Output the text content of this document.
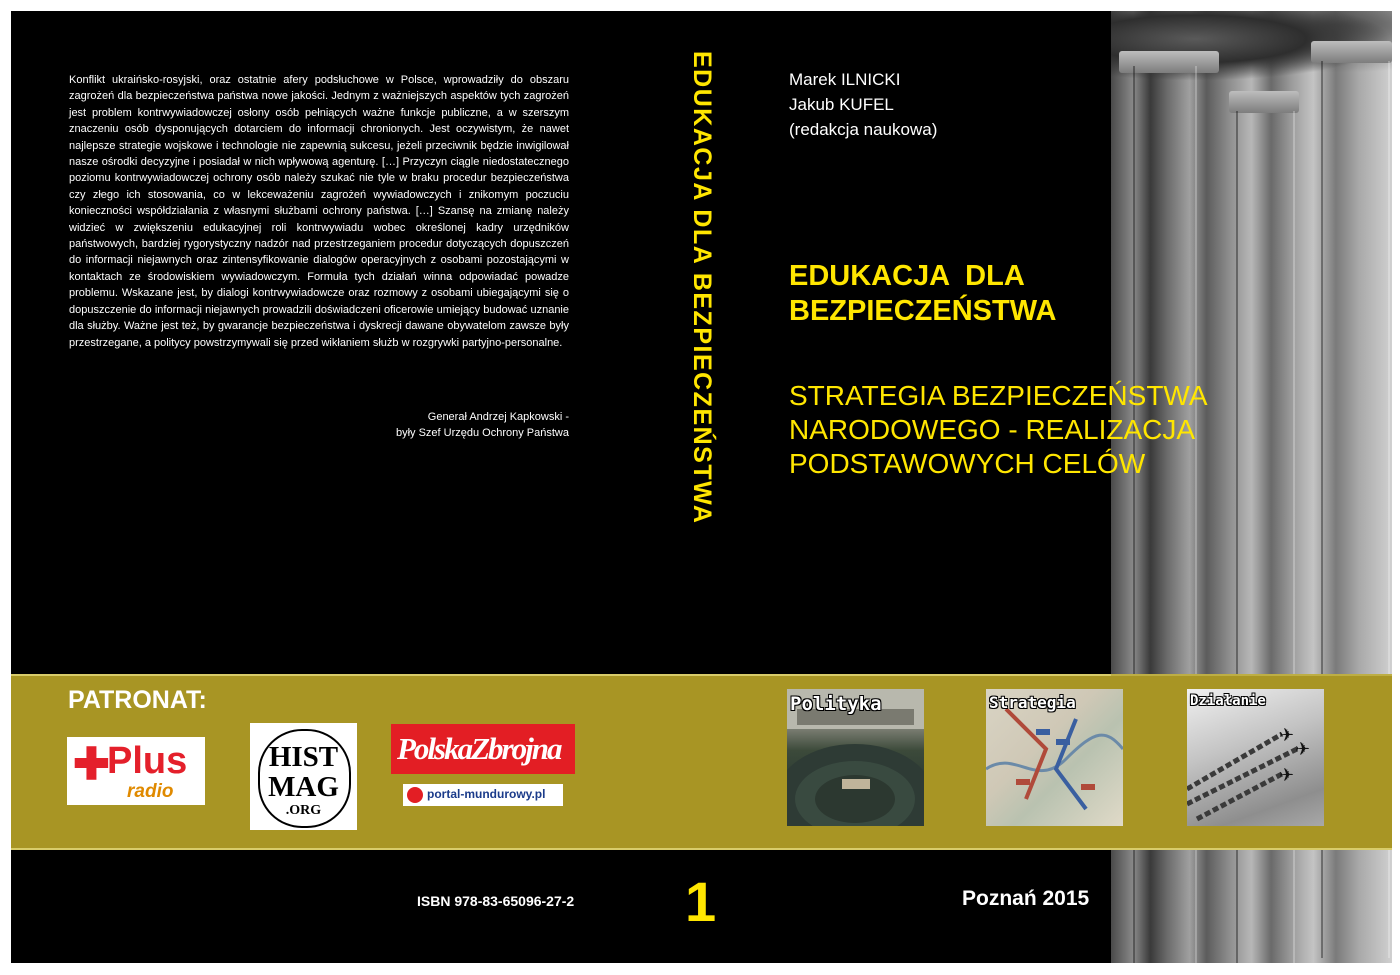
Konflikt ukraińsko-rosyjski, oraz ostatnie afery podsłuchowe w Polsce, wprowadziły do obszaru zagrożeń dla bezpieczeństwa państwa nowe jakości. Jednym z ważniejszych aspektów tych zagrożeń jest problem kontrwywiadowczej osłony osób pełniących ważne funkcje publiczne, a w szerszym znaczeniu osób dysponujących dotarciem do informacji chronionych. Jest oczywistym, że nawet najlepsze strategie wojskowe i technologie nie zapewnią sukcesu, jeżeli przeciwnik będzie inwigilował nasze ośrodki decyzyjne i posiadał w nich wpływową agenturę. […] Przyczyn ciągle niedostatecznego poziomu kontrwywiadowczej ochrony osób należy szukać nie tyle w braku procedur bezpieczeństwa czy złego ich stosowania, co w lekceważeniu zagrożeń wywiadowczych i znikomym poczuciu konieczności współdziałania z własnymi służbami ochrony państwa. […] Szansę na zmianę należy widzieć w zwiększeniu edukacyjnej roli kontrwywiadu wobec określonej kadry urzędników państwowych, bardziej rygorystyczny nadzór nad przestrzeganiem procedur dotyczących dopuszczeń do informacji niejawnych oraz zintensyfikowanie dialogów operacyjnych z osobami pozostającymi w kontaktach ze środowiskiem wywiadowczym. Formuła tych działań winna odpowiadać powadze problemu. Wskazane jest, by dialogi kontrwywiadowcze oraz rozmowy z osobami ubiegającymi się o dopuszczenie do informacji niejawnych prowadzili doświadczeni oficerowie umiejący budować uznanie dla służby. Ważne jest też, by gwarancje bezpieczeństwa i dyskrecji dawane obywatelom zawsze były przestrzegane, a politycy powstrzymywali się przed wikłaniem służb w rozgrywki partyjno-personalne.
Generał Andrzej Kapkowski -
były Szef Urzędu Ochrony Państwa	EDUKACJA DLA BEZPIECZEŃSTWA	Marek ILNICKI
Jakub KUFEL
(redakcja naukowa)
EDUKACJA  DLA
BEZPIECZEŃSTWA
STRATEGIA BEZPIECZEŃSTWA
NARODOWEGO - REALIZACJA
PODSTAWOWYCH CELÓW
PATRONAT:
✚
Plus
radio
HIST
MAG
.ORG
PolskaZbrojna
portal-mundurowy.pl
Polityka	Strategia
✈
✈
✈
Działanie
ISBN 978-83-65096-27-2 1	Poznań 2015
